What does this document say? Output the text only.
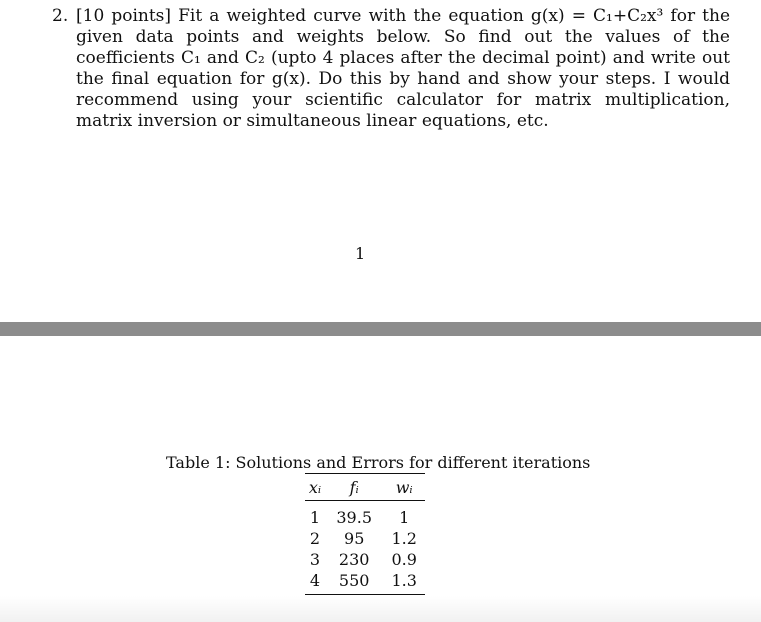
2. [10 points] Fit a weighted curve with the equation g(x) = C₁+C₂x³ for the given data points and weights below. So find out the values of the coefficients C₁ and C₂ (upto 4 places after the decimal point) and write out the final equation for g(x). Do this by hand and show your steps. I would recommend using your scientific calculator for matrix multiplication, matrix inversion or simultaneous linear equations, etc.
1
Table 1: Solutions and Errors for different iterations
xᵢ	fᵢ	wᵢ
1	39.5	1
2	95	1.2
3	230	0.9
4	550	1.3
